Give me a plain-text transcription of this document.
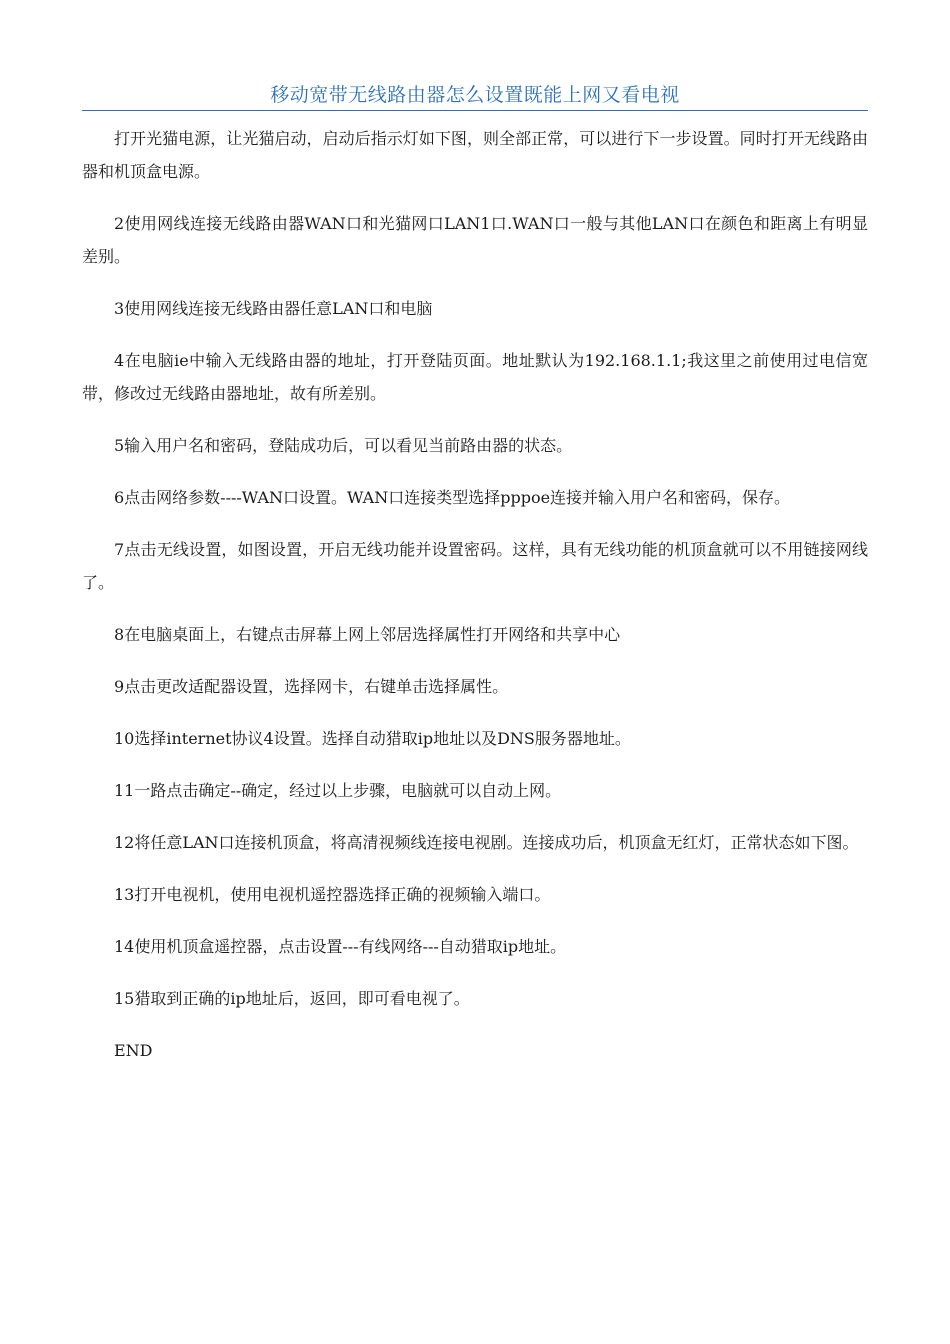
移动宽带无线路由器怎么设置既能上网又看电视

打开光猫电源，让光猫启动，启动后指示灯如下图，则全部正常，可以进行下一步设置。同时打开无线路由器和机顶盒电源。

2使用网线连接无线路由器WAN口和光猫网口LAN1口.WAN口一般与其他LAN口在颜色和距离上有明显差别。

3使用网线连接无线路由器任意LAN口和电脑

4在电脑ie中输入无线路由器的地址，打开登陆页面。地址默认为192.168.1.1;我这里之前使用过电信宽带，修改过无线路由器地址，故有所差别。

5输入用户名和密码，登陆成功后，可以看见当前路由器的状态。

6点击网络参数----WAN口设置。WAN口连接类型选择pppoe连接并输入用户名和密码，保存。

7点击无线设置，如图设置，开启无线功能并设置密码。这样，具有无线功能的机顶盒就可以不用链接网线了。

8在电脑桌面上，右键点击屏幕上网上邻居选择属性打开网络和共享中心

9点击更改适配器设置，选择网卡，右键单击选择属性。

10选择internet协议4设置。选择自动猎取ip地址以及DNS服务器地址。

11一路点击确定--确定，经过以上步骤，电脑就可以自动上网。

12将任意LAN口连接机顶盒，将高清视频线连接电视剧。连接成功后，机顶盒无红灯，正常状态如下图。

13打开电视机，使用电视机遥控器选择正确的视频输入端口。

14使用机顶盒遥控器，点击设置---有线网络---自动猎取ip地址。

15猎取到正确的ip地址后，返回，即可看电视了。

END
